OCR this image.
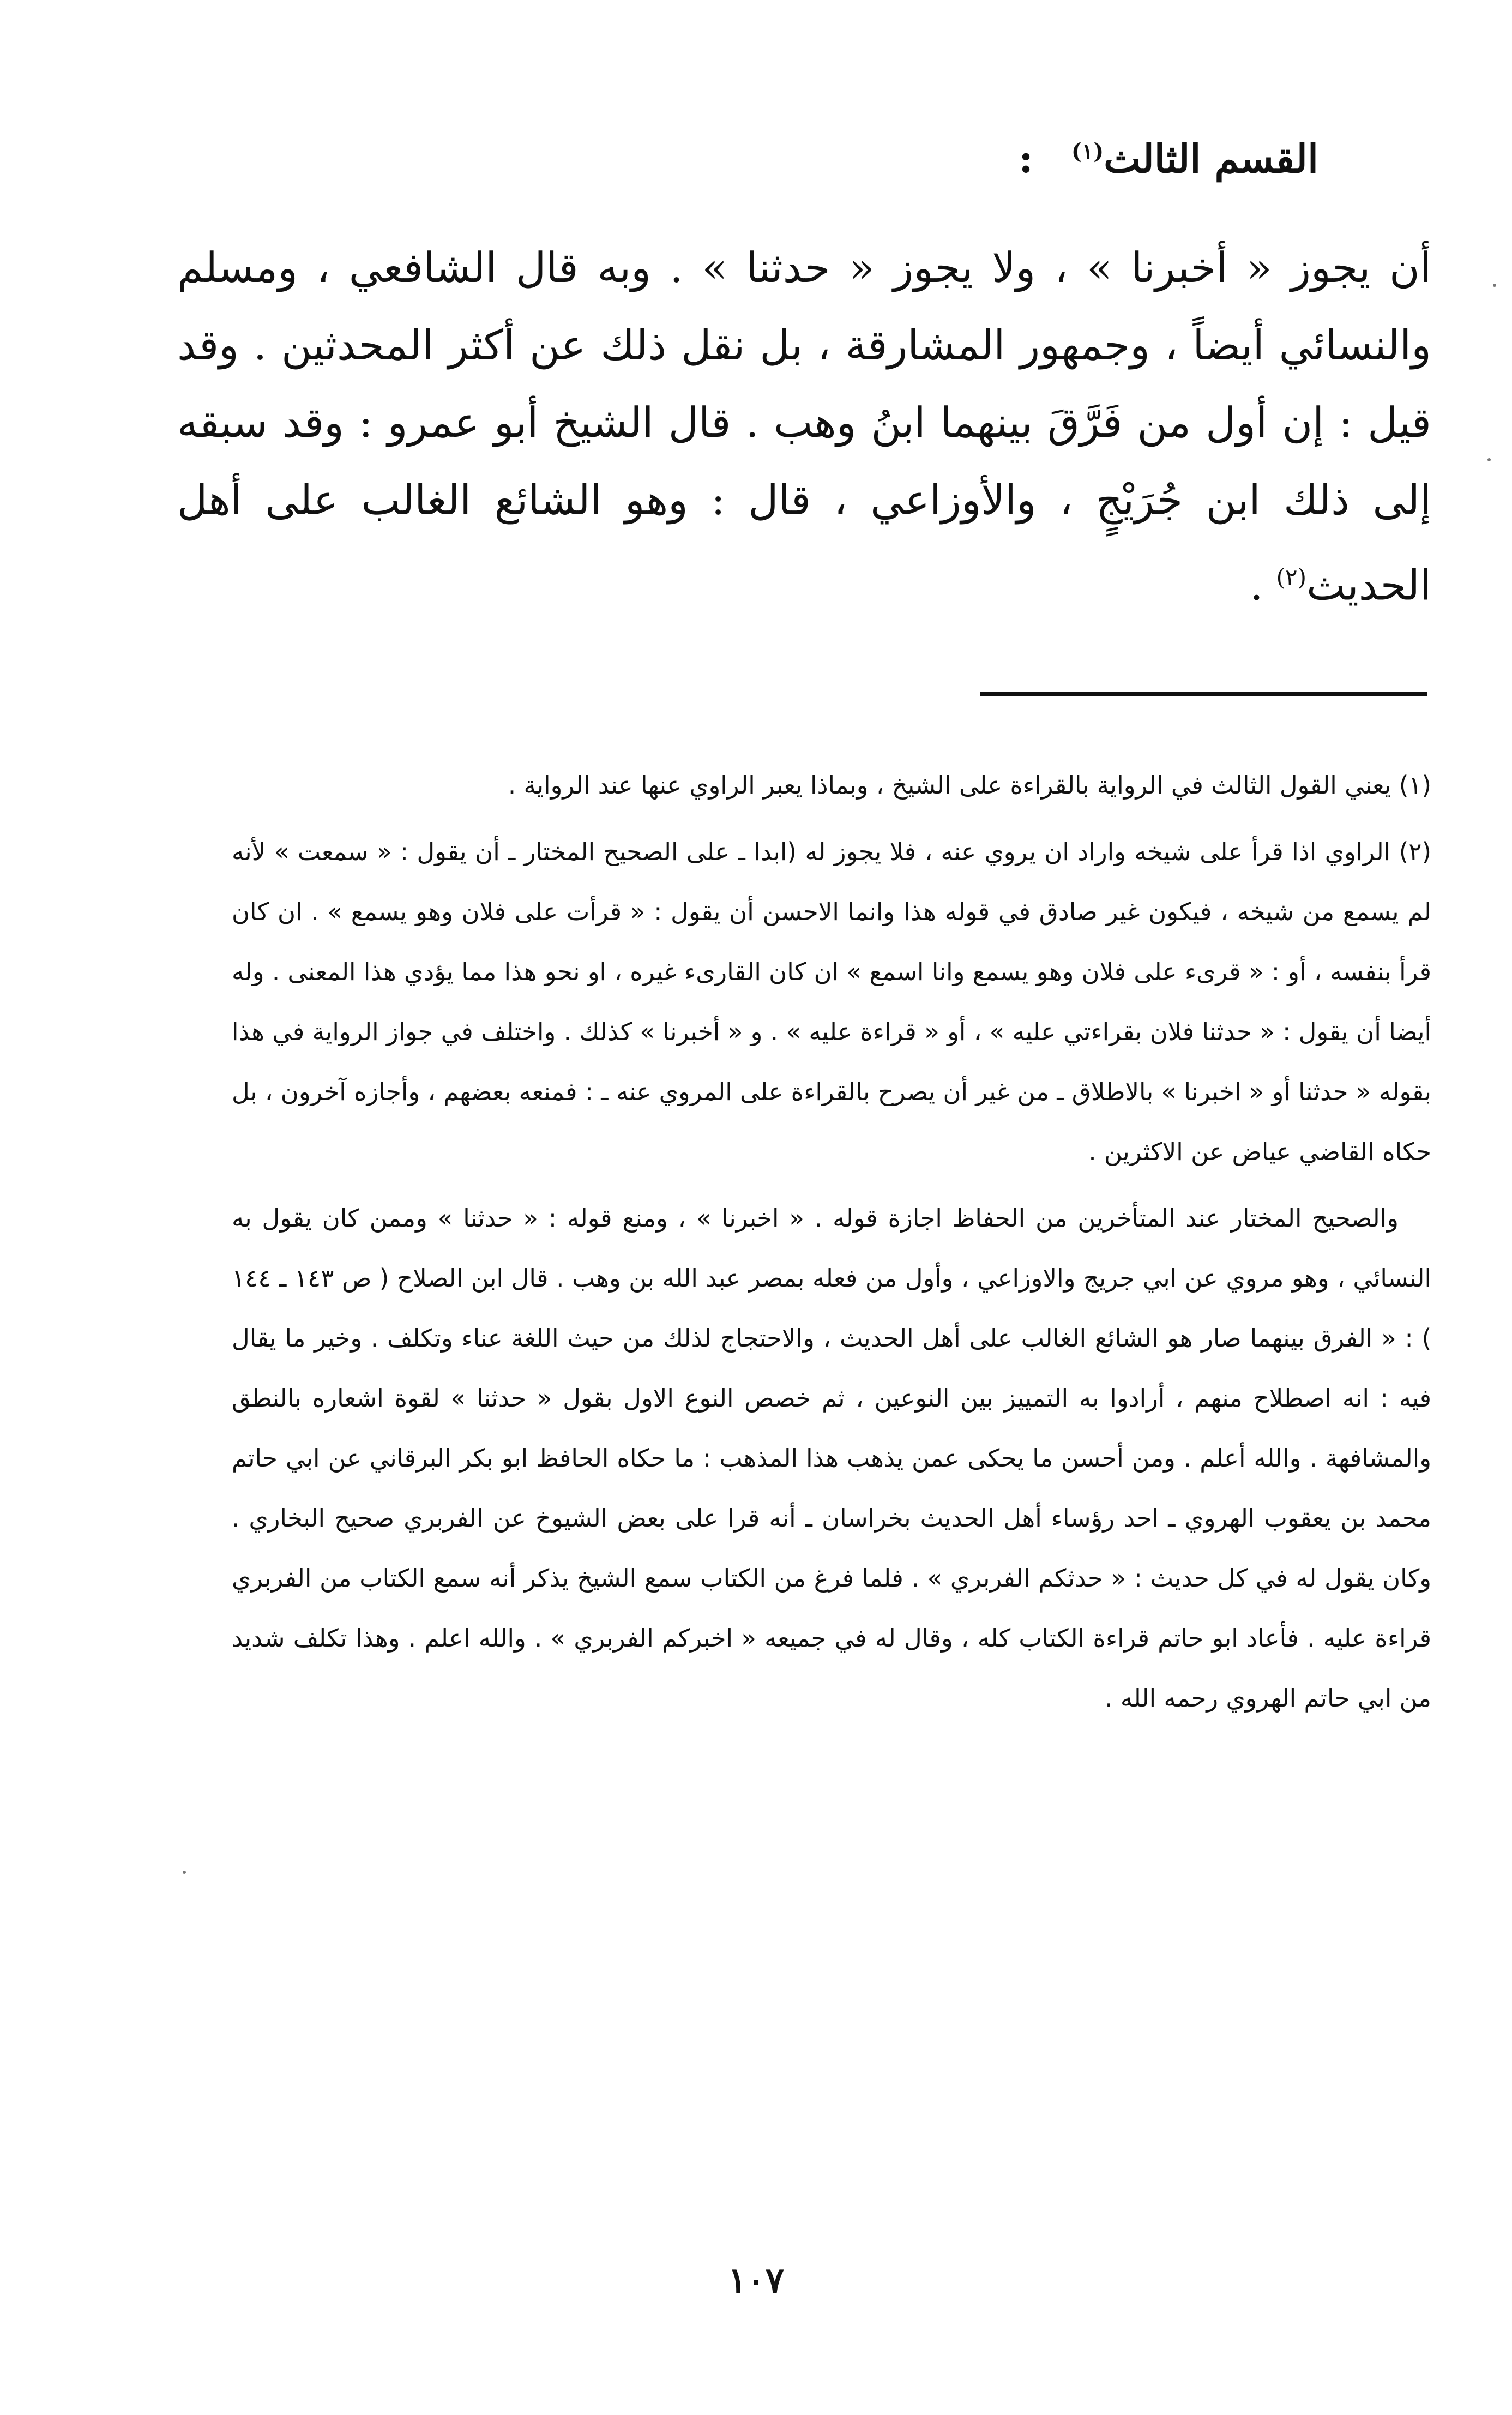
القسم الثالث$^{(١)}$:
أن يجوز « أخبرنا » ، ولا يجوز « حدثنا » . وبه قال الشافعي ، ومسلم والنسائي أيضاً ، وجمهور المشارقة ، بل نقل ذلك عن أكثر المحدثين . وقد قيل : إن أول من فَرَّقَ بينهما ابنُ وهب . قال الشيخ أبو عمرو : وقد سبقه إلى ذلك ابن جُرَيْجٍ ، والأوزاعي ، قال : وهو الشائع الغالب على أهل الحديث$^{(٢)}$ .

(١) يعني القول الثالث في الرواية بالقراءة على الشيخ ، وبماذا يعبر الراوي عنها عند الرواية .

(٢) الراوي اذا قرأ على شيخه واراد ان يروي عنه ، فلا يجوز له (ابدا ـ على الصحيح المختار ـ أن يقول : « سمعت » لأنه لم يسمع من شيخه ، فيكون غير صادق في قوله هذا وانما الاحسن أن يقول : « قرأت على فلان وهو يسمع » . ان كان قرأ بنفسه ، أو : « قرىء على فلان وهو يسمع وانا اسمع » ان كان القارىء غيره ، او نحو هذا مما يؤدي هذا المعنى . وله أيضا أن يقول : « حدثنا فلان بقراءتي عليه » ، أو « قراءة عليه » . و « أخبرنا » كذلك . واختلف في جواز الرواية في هذا بقوله « حدثنا أو « اخبرنا » بالاطلاق ـ من غير أن يصرح بالقراءة على المروي عنه ـ : فمنعه بعضهم ، وأجازه آخرون ، بل حكاه القاضي عياض عن الاكثرين .

والصحيح المختار عند المتأخرين من الحفاظ اجازة قوله . « اخبرنا » ، ومنع قوله : « حدثنا » وممن كان يقول به النسائي ، وهو مروي عن ابي جريج والاوزاعي ، وأول من فعله بمصر عبد الله بن وهب . قال ابن الصلاح ( ص ١٤٣ ـ ١٤٤ ) : « الفرق بينهما صار هو الشائع الغالب على أهل الحديث ، والاحتجاج لذلك من حيث اللغة عناء وتكلف . وخير ما يقال فيه : انه اصطلاح منهم ، أرادوا به التمييز بين النوعين ، ثم خصص النوع الاول بقول « حدثنا » لقوة اشعاره بالنطق والمشافهة . والله أعلم . ومن أحسن ما يحكى عمن يذهب هذا المذهب : ما حكاه الحافظ ابو بكر البرقاني عن ابي حاتم محمد بن يعقوب الهروي ـ احد رؤساء أهل الحديث بخراسان ـ أنه قرا على بعض الشيوخ عن الفربري صحيح البخاري . وكان يقول له في كل حديث : « حدثكم الفربري » . فلما فرغ من الكتاب سمع الشيخ يذكر أنه سمع الكتاب من الفربري قراءة عليه . فأعاد ابو حاتم قراءة الكتاب كله ، وقال له في جميعه « اخبركم الفربري » . والله اعلم . وهذا تكلف شديد من ابي حاتم الهروي رحمه الله .

١٠٧
